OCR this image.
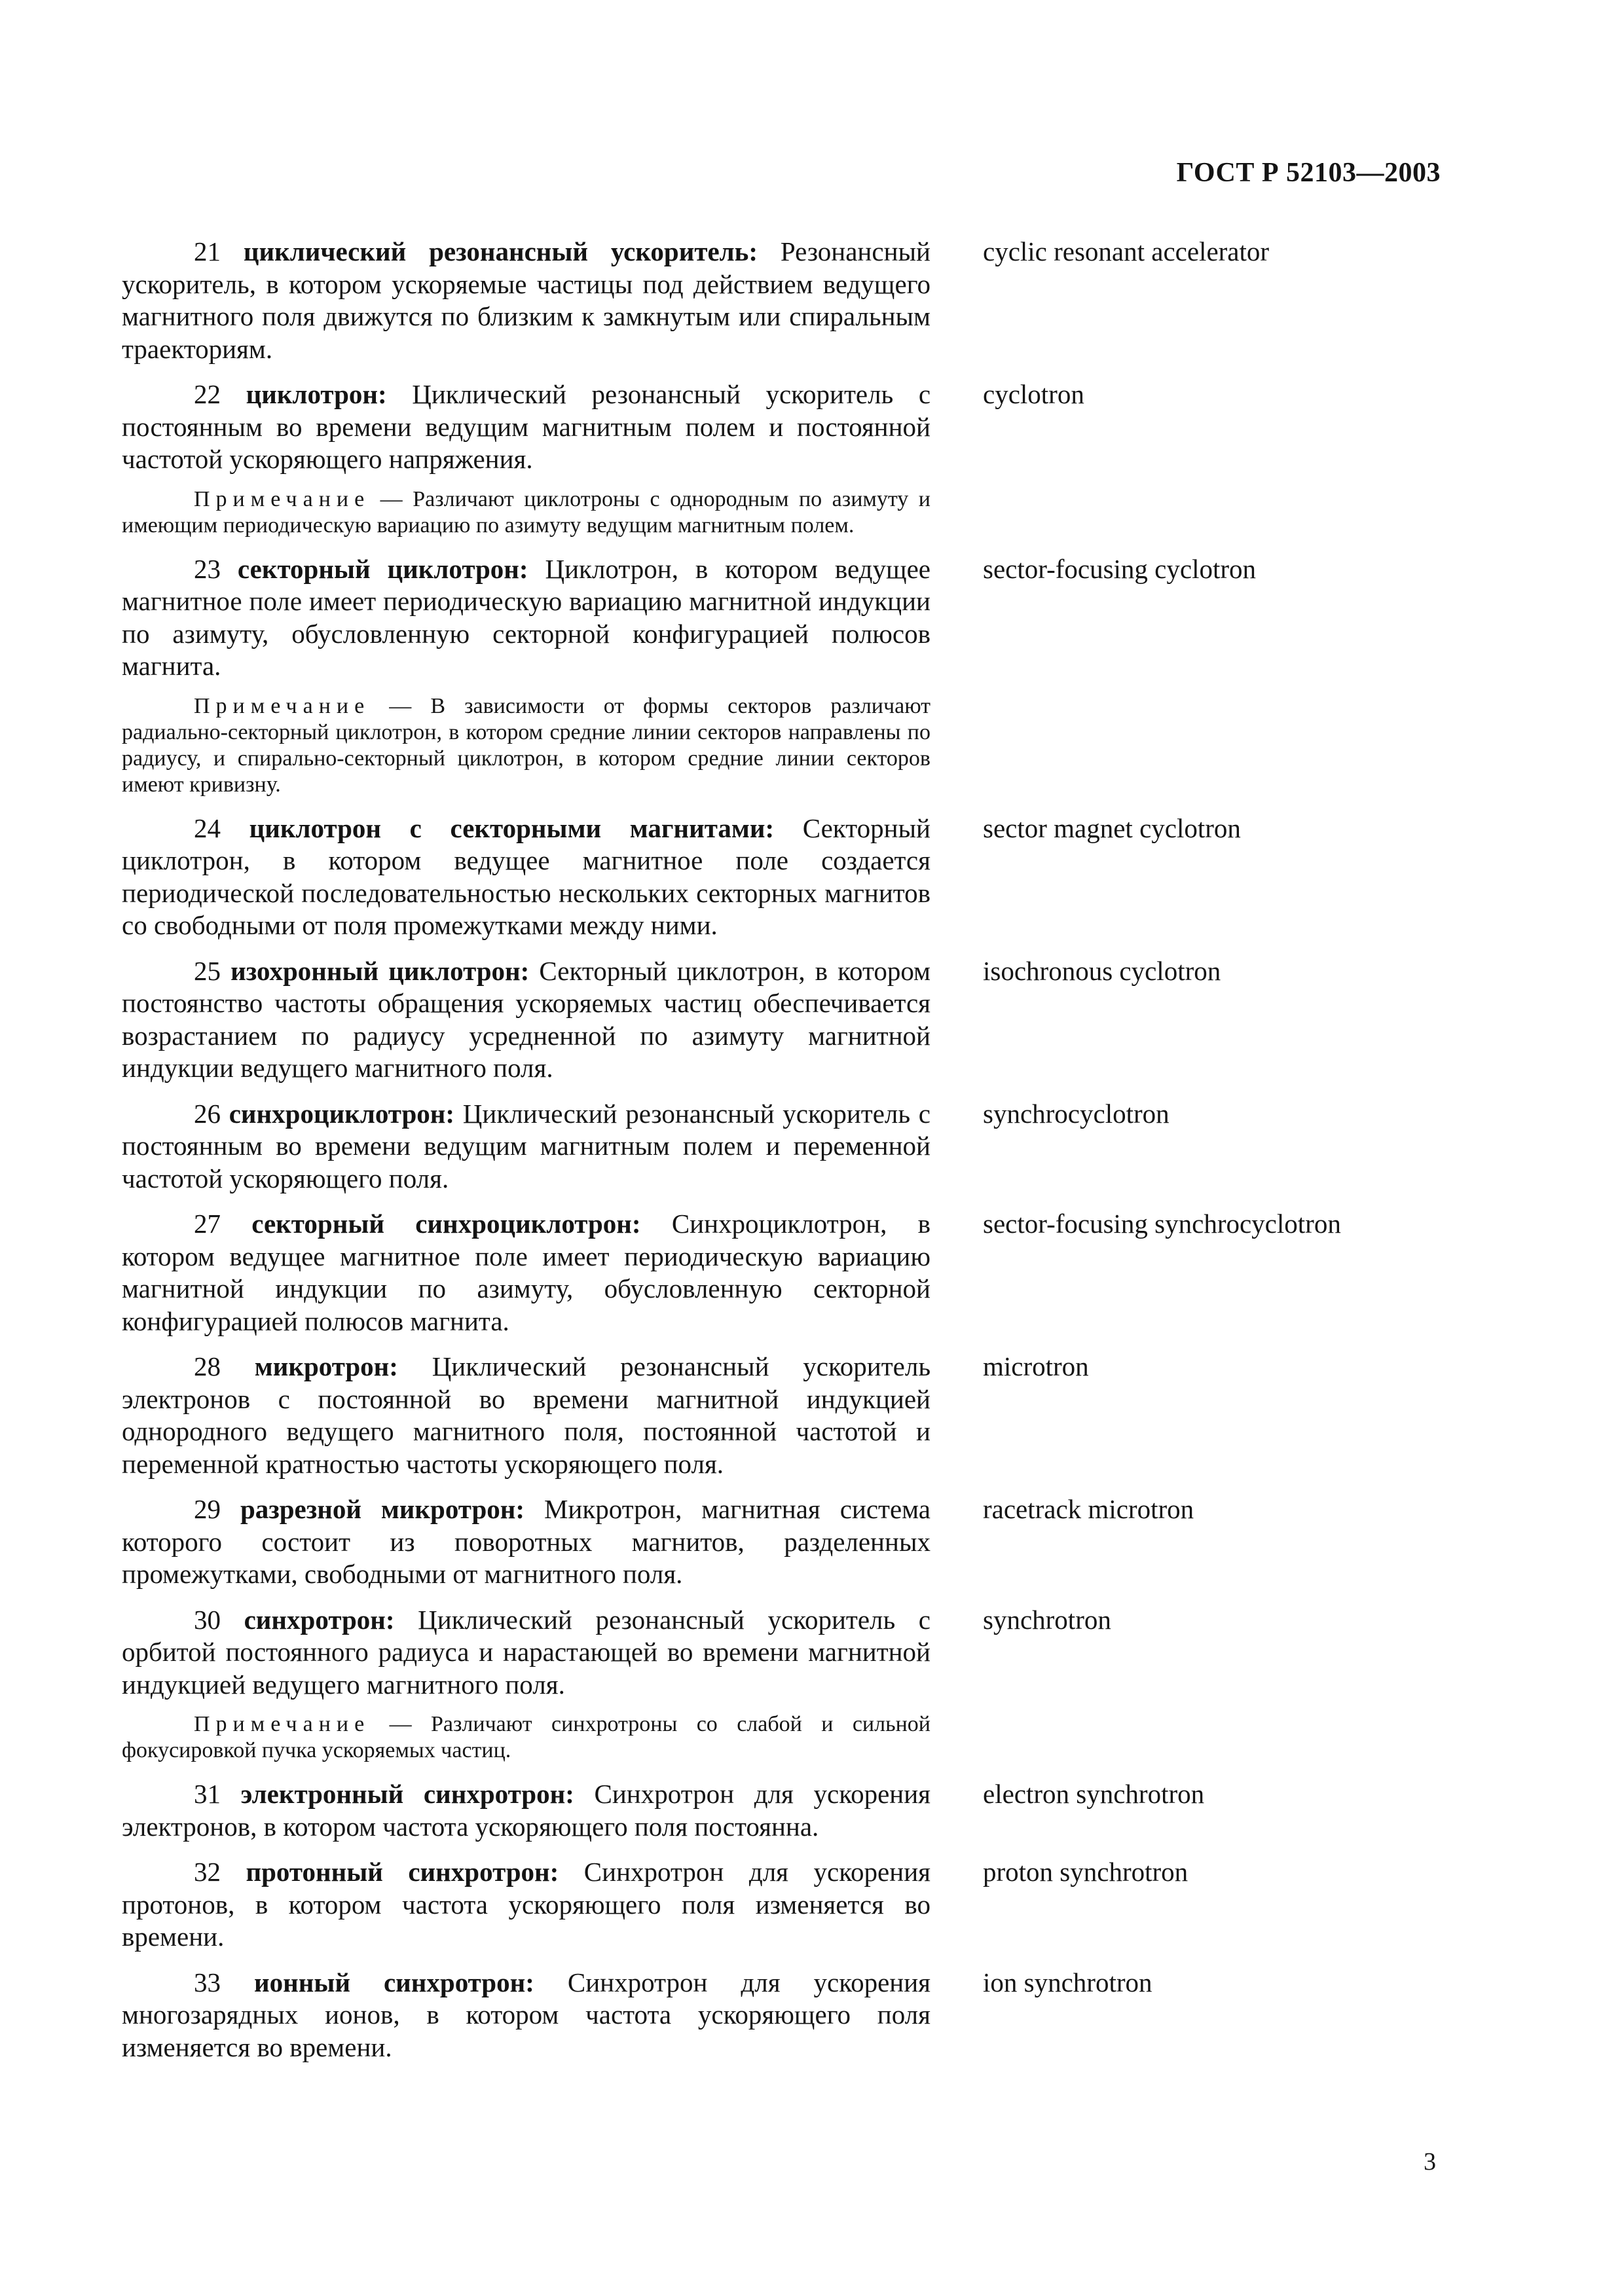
ГОСТ Р 52103—2003
21 циклический резонансный ускоритель: Резонансный ускоритель, в котором ускоряемые частицы под действием ведущего магнитного поля движутся по близким к замкнутым или спиральным траекториям.
cyclic resonant accelerator
22 циклотрон: Циклический резонансный ускоритель с постоянным во времени ведущим магнитным полем и постоянной частотой ускоряющего напряжения.
cyclotron
Примечание — Различают циклотроны с однородным по азимуту и имеющим периодическую вариацию по азимуту ведущим магнитным полем.
23 секторный циклотрон: Циклотрон, в котором ведущее магнитное поле имеет периодическую вариацию магнитной индукции по азимуту, обусловленную секторной конфигурацией полюсов магнита.
sector-focusing cyclotron
Примечание — В зависимости от формы секторов различают радиально-секторный циклотрон, в котором средние линии секторов направлены по радиусу, и спирально-секторный циклотрон, в котором средние линии секторов имеют кривизну.
24 циклотрон с секторными магнитами: Секторный циклотрон, в котором ведущее магнитное поле создается периодической последовательностью нескольких секторных магнитов со свободными от поля промежутками между ними.
sector magnet cyclotron
25 изохронный циклотрон: Секторный циклотрон, в котором постоянство частоты обращения ускоряемых частиц обеспечивается возрастанием по радиусу усредненной по азимуту магнитной индукции ведущего магнитного поля.
isochronous cyclotron
26 синхроциклотрон: Циклический резонансный ускоритель с постоянным во времени ведущим магнитным полем и переменной частотой ускоряющего поля.
synchrocyclotron
27 секторный синхроциклотрон: Синхроциклотрон, в котором ведущее магнитное поле имеет периодическую вариацию магнитной индукции по азимуту, обусловленную секторной конфигурацией полюсов магнита.
sector-focusing synchrocyclotron
28 микротрон: Циклический резонансный ускоритель электронов с постоянной во времени магнитной индукцией однородного ведущего магнитного поля, постоянной частотой и переменной кратностью частоты ускоряющего поля.
microtron
29 разрезной микротрон: Микротрон, магнитная система которого состоит из поворотных магнитов, разделенных промежутками, свободными от магнитного поля.
racetrack microtron
30 синхротрон: Циклический резонансный ускоритель с орбитой постоянного радиуса и нарастающей во времени магнитной индукцией ведущего магнитного поля.
synchrotron
Примечание — Различают синхротроны со слабой и сильной фокусировкой пучка ускоряемых частиц.
31 электронный синхротрон: Синхротрон для ускорения электронов, в котором частота ускоряющего поля постоянна.
electron synchrotron
32 протонный синхротрон: Синхротрон для ускорения протонов, в котором частота ускоряющего поля изменяется во времени.
proton synchrotron
33 ионный синхротрон: Синхротрон для ускорения многозарядных ионов, в котором частота ускоряющего поля изменяется во времени.
ion synchrotron
3
